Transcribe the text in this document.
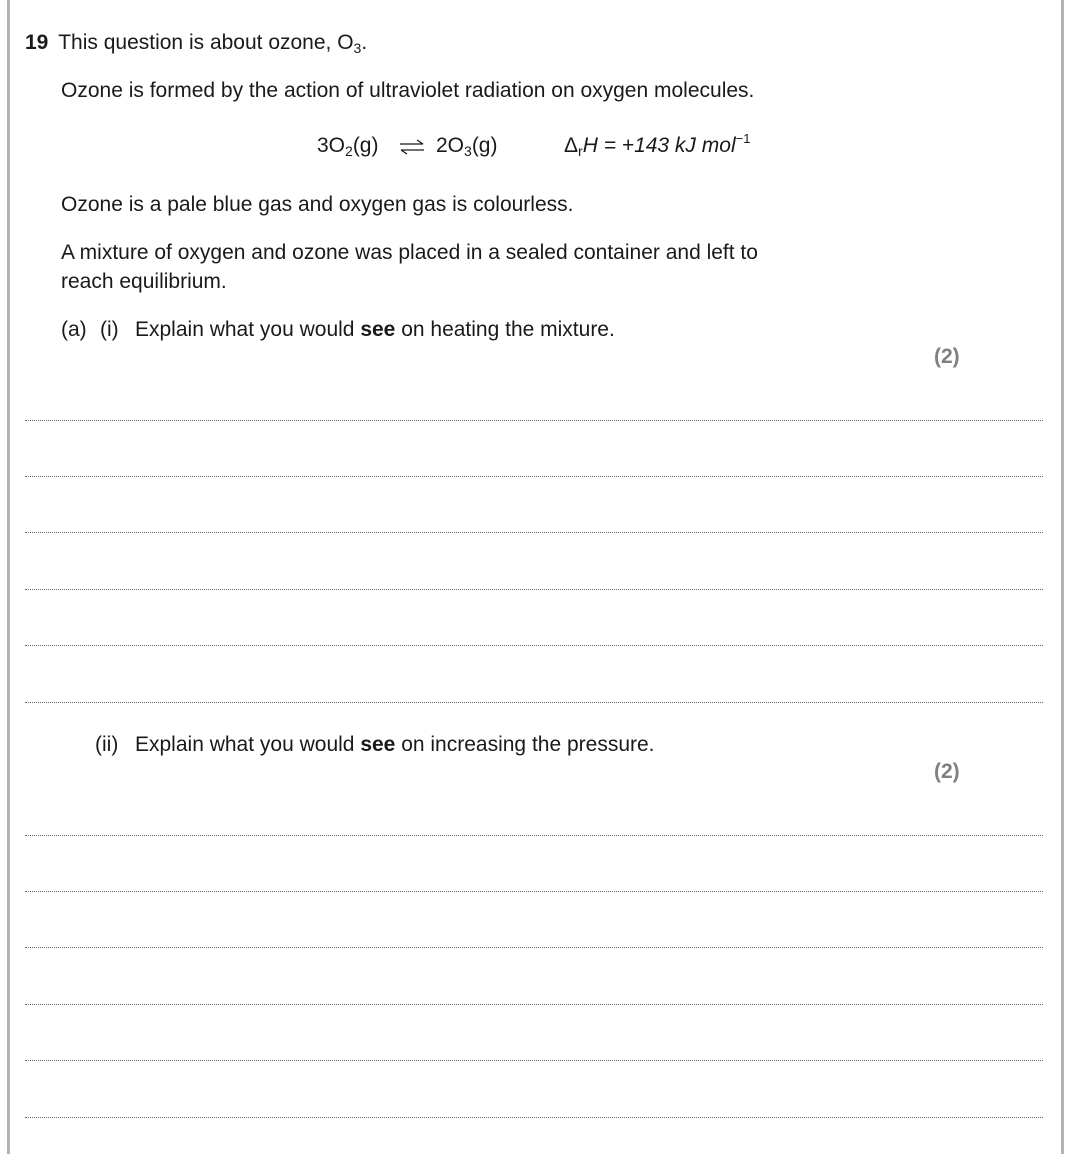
19 This question is about ozone, $O_3$.
Ozone is formed by the action of ultraviolet radiation on oxygen molecules.
$3O_2(g)$ ⇌ $2O_3(g)$	$\Delta_rH = +143$ kJ mol$^{-1}$
Ozone is a pale blue gas and oxygen gas is colourless.
A mixture of oxygen and ozone was placed in a sealed container and left to
reach equilibrium.
(a) (i) Explain what you would see on heating the mixture.
(2)
(ii) Explain what you would see on increasing the pressure.
(2)
